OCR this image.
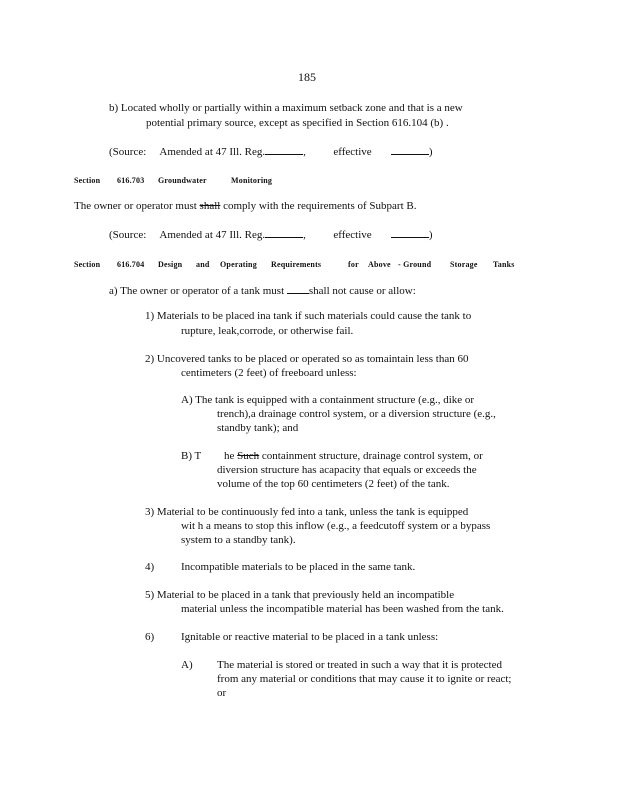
185
b) Located wholly or partially within a maximum setback zone and that is a new
potential primary source, except as specified in Section 616.104 (b) .
(Source: Amended at 47 Ill. Reg.	,	effective	)
Section 616.703 Groundwater	Monitoring
The owner or operator must shall comply with the requirements of Subpart B.
(Source: Amended at 47 Ill. Reg.	,	effective	)
Section 616.704 Design and Operating Requirements	for Above - Ground Storage Tanks
a) The owner or operator of a tank must shall not cause or allow:
1) Materials to be placed ina tank if such materials could cause the tank to
rupture, leak,corrode, or otherwise fail.
2) Uncovered tanks to be placed or operated so as tomaintain less than 60
centimeters (2 feet) of freeboard unless:
A) The tank is equipped with a containment structure (e.g., dike or
trench),a drainage control system, or a diversion structure (e.g.,
standby tank); and
B) T he Such containment structure, drainage control system, or
diversion structure has acapacity that equals or exceeds the
volume of the top 60 centimeters (2 feet) of the tank.
3) Material to be continuously fed into a tank, unless the tank is equipped
wit h a means to stop this inflow (e.g., a feedcutoff system or a bypass
system to a standby tank).
4) Incompatible materials to be placed in the same tank.
5) Material to be placed in a tank that previously held an incompatible
material unless the incompatible material has been washed from the tank.
6) Ignitable or reactive material to be placed in a tank unless:
A) The material is stored or treated in such a way that it is protected
from any material or conditions that may cause it to ignite or react;
or
